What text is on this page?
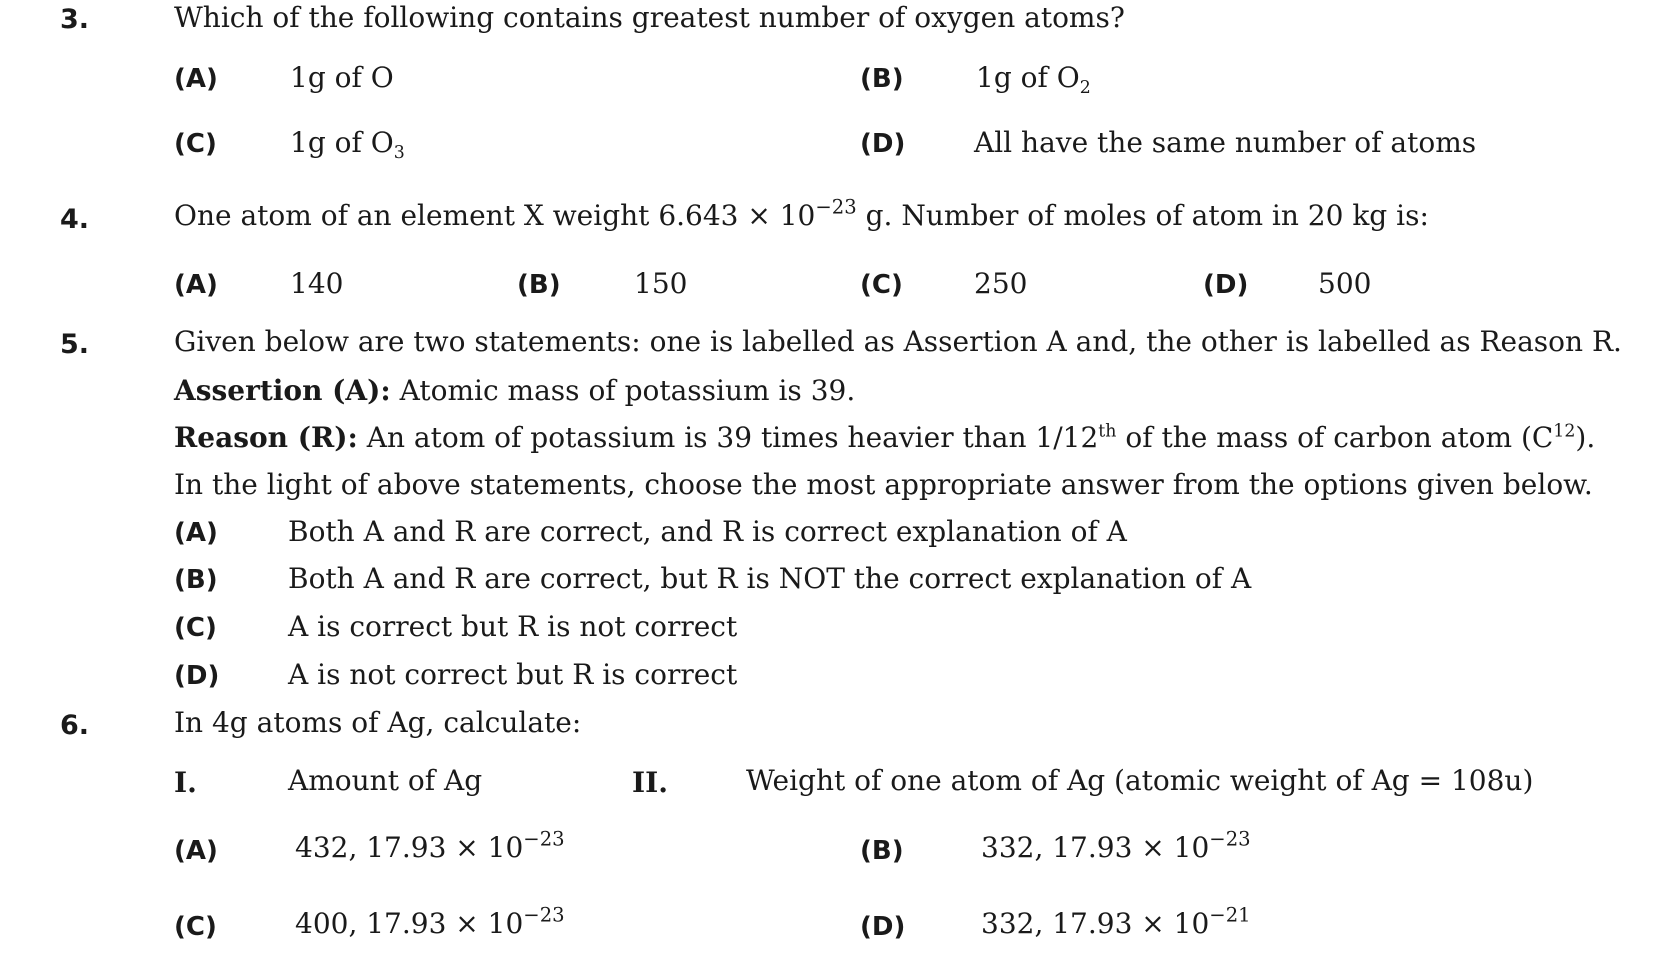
3.	Which of the following contains greatest number of oxygen atoms?
(A)	1g of O	(B)	1g of $O_2$
(C)	1g of $O_3$	(D) All have the same number of atoms
4.	One atom of an element X weight $6.643 \times 10^{-23}$ g. Number of moles of atom in 20 kg is:
(A)	140	(B)	150	(C)	250	(D) 500
5.	Given below are two statements: one is labelled as Assertion A and, the other is labelled as Reason R.
Assertion (A): Atomic mass of potassium is 39.
Reason (R): An atom of potassium is 39 times heavier than 1/12th of the mass of carbon atom $(C^{12})$.
In the light of above statements, choose the most appropriate answer from the options given below.
(A)	Both A and R are correct, and R is correct explanation of A
(B)	Both A and R are correct, but R is NOT the correct explanation of A
(C)	A is correct but R is not correct
(D) A is not correct but R is correct
6.	In 4g atoms of Ag, calculate:
I.	Amount of Ag	II.	Weight of one atom of Ag (atomic weight of Ag = 108u)
(A)	432, $17.93 \times 10^{-23}$	(B)	332, $17.93 \times 10^{-23}$
(C)	400, $17.93 \times 10^{-23}$	(D)	332, $17.93 \times 10^{-21}$
